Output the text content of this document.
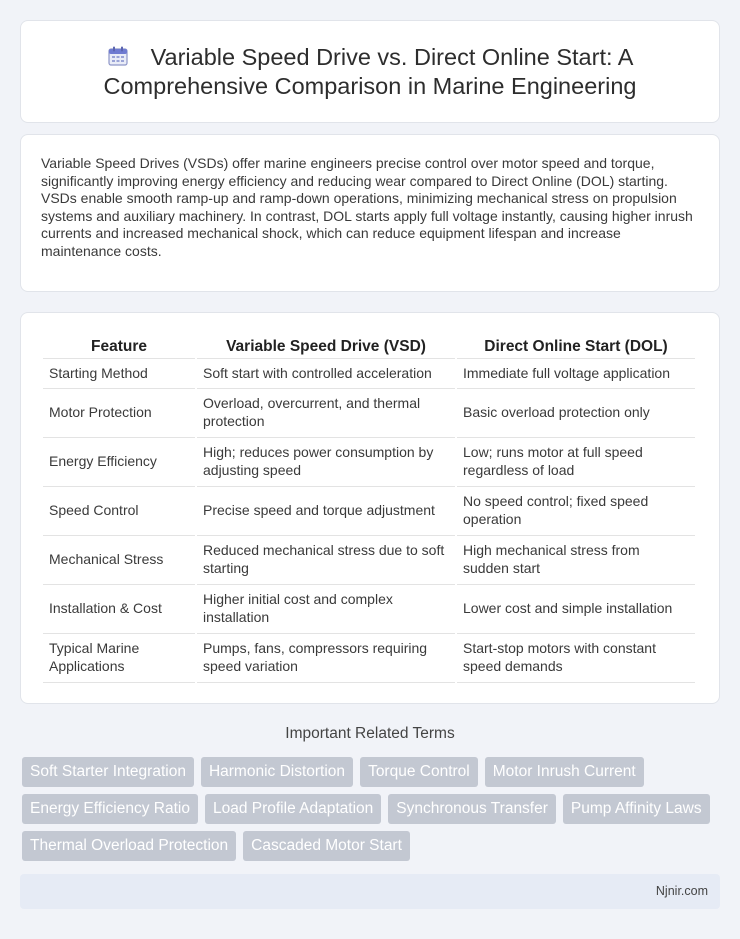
Variable Speed Drive vs. Direct Online Start: A Comprehensive Comparison in Marine Engineering

Variable Speed Drives (VSDs) offer marine engineers precise control over motor speed and torque, significantly improving energy efficiency and reducing wear compared to Direct Online (DOL) starting. VSDs enable smooth ramp-up and ramp-down operations, minimizing mechanical stress on propulsion systems and auxiliary machinery. In contrast, DOL starts apply full voltage instantly, causing higher inrush currents and increased mechanical shock, which can reduce equipment lifespan and increase maintenance costs.

Feature	Variable Speed Drive (VSD)	Direct Online Start (DOL)
Starting Method	Soft start with controlled acceleration	Immediate full voltage application
Motor Protection	Overload, overcurrent, and thermal protection	Basic overload protection only
Energy Efficiency	High; reduces power consumption by adjusting speed	Low; runs motor at full speed regardless of load
Speed Control	Precise speed and torque adjustment	No speed control; fixed speed operation
Mechanical Stress	Reduced mechanical stress due to soft starting	High mechanical stress from sudden start
Installation & Cost	Higher initial cost and complex installation	Lower cost and simple installation
Typical Marine Applications	Pumps, fans, compressors requiring speed variation	Start-stop motors with constant speed demands
Important Related Terms
Soft Starter Integration	Harmonic Distortion	Torque Control	Motor Inrush Current
Energy Efficiency Ratio	Load Profile Adaptation	Synchronous Transfer	Pump Affinity Laws
Thermal Overload Protection	Cascaded Motor Start
Njnir.com
